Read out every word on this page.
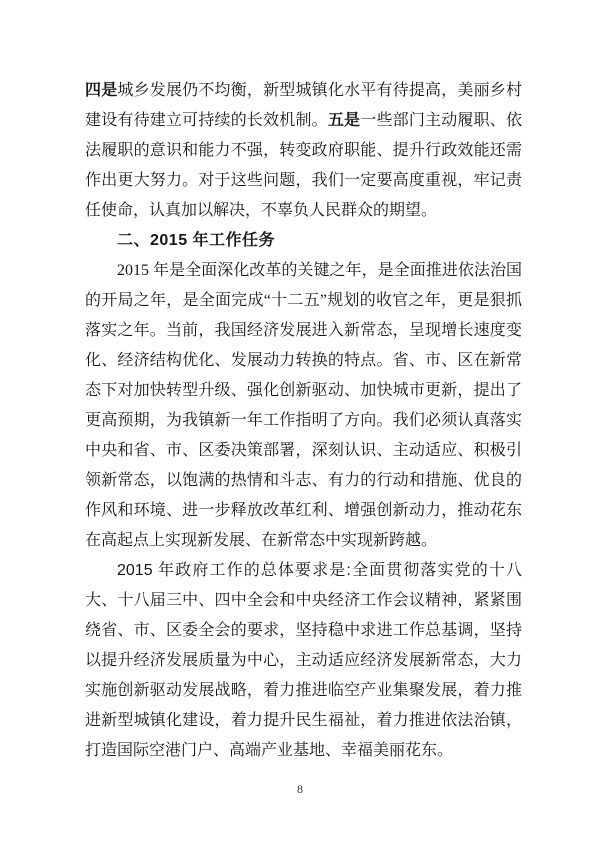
四是城乡发展仍不均衡，新型城镇化水平有待提高，美丽乡村建设有待建立可持续的长效机制。五是一些部门主动履职、依法履职的意识和能力不强，转变政府职能、提升行政效能还需作出更大努力。对于这些问题，我们一定要高度重视，牢记责任使命，认真加以解决，不辜负人民群众的期望。

二、2015 年工作任务

2015 年是全面深化改革的关键之年，是全面推进依法治国的开局之年，是全面完成“十二五”规划的收官之年，更是狠抓落实之年。当前，我国经济发展进入新常态，呈现增长速度变化、经济结构优化、发展动力转换的特点。省、市、区在新常态下对加快转型升级、强化创新驱动、加快城市更新，提出了更高预期，为我镇新一年工作指明了方向。我们必须认真落实中央和省、市、区委决策部署，深刻认识、主动适应、积极引领新常态，以饱满的热情和斗志、有力的行动和措施、优良的作风和环境、进一步释放改革红利、增强创新动力，推动花东在高起点上实现新发展、在新常态中实现新跨越。

2015 年政府工作的总体要求是:全面贯彻落实党的十八大、十八届三中、四中全会和中央经济工作会议精神，紧紧围绕省、市、区委全会的要求，坚持稳中求进工作总基调，坚持以提升经济发展质量为中心，主动适应经济发展新常态，大力实施创新驱动发展战略，着力推进临空产业集聚发展，着力推进新型城镇化建设，着力提升民生福祉，着力推进依法治镇，打造国际空港门户、高端产业基地、幸福美丽花东。

8
